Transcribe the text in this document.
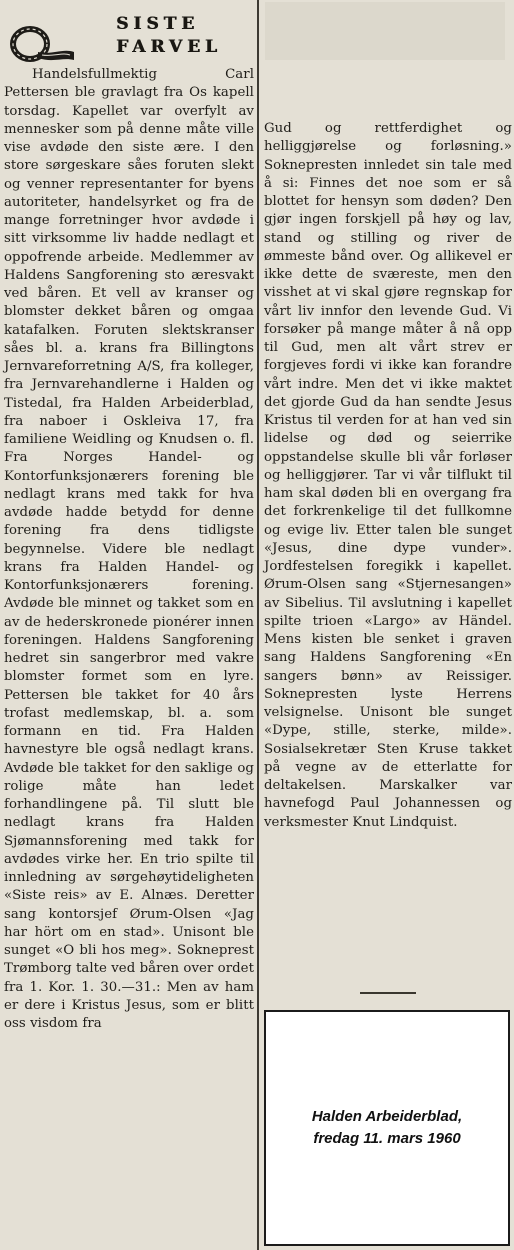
SISTE
FARVEL

Handelsfullmektig Carl Pettersen ble gravlagt fra Os kapell torsdag. Kapellet var overfylt av mennesker som på denne måte ville vise avdøde den siste ære. I den store sørgeskare såes foruten slekt og venner representanter for byens autoriteter, handelsyrket og fra de mange forretninger hvor avdøde i sitt virksomme liv hadde nedlagt et oppofrende arbeide. Medlemmer av Haldens Sangforening sto æresvakt ved båren. Et vell av kranser og blomster dekket båren og omgaa katafalken. Foruten slektskranser såes bl. a. krans fra Billingtons Jernvareforretning A/S, fra kolleger, fra Jernvarehandlerne i Halden og Tistedal, fra Halden Arbeiderblad, fra naboer i Oskleiva 17, fra familiene Weidling og Knudsen o. fl. Fra Norges Handel- og Kontorfunksjonærers forening ble nedlagt krans med takk for hva avdøde hadde betydd for denne forening fra dens tidligste begynnelse. Videre ble nedlagt krans fra Halden Handel- og Kontorfunksjonærers forening. Avdøde ble minnet og takket som en av de hederskronede pionérer innen foreningen. Haldens Sangforening hedret sin sangerbror med vakre blomster formet som en lyre. Pettersen ble takket for 40 års trofast medlemskap, bl. a. som formann en tid. Fra Halden havnestyre ble også nedlagt krans. Avdøde ble takket for den saklige og rolige måte han ledet forhandlingene på. Til slutt ble nedlagt krans fra Halden Sjømannsforening med takk for avdødes virke her. En trio spilte til innledning av sørgehøytideligheten «Siste reis» av E. Alnæs. Deretter sang kontorsjef Ørum-Olsen «Jag har hört om en stad». Unisont ble sunget «O bli hos meg». Sokneprest Trømborg talte ved båren over ordet fra 1. Kor. 1. 30.—31.: Men av ham er dere i Kristus Jesus, som er blitt oss visdom fra

Gud og rettferdighet og helliggjørelse og forløsning.» Soknepresten innledet sin tale med å si: Finnes det noe som er så blottet for hensyn som døden? Den gjør ingen forskjell på høy og lav, stand og stilling og river de ømmeste bånd over. Og allikevel er ikke dette de sværeste, men den visshet at vi skal gjøre regnskap for vårt liv innfor den levende Gud. Vi forsøker på mange måter å nå opp til Gud, men alt vårt strev er forgjeves fordi vi ikke kan forandre vårt indre. Men det vi ikke maktet det gjorde Gud da han sendte Jesus Kristus til verden for at han ved sin lidelse og død og seierrike oppstandelse skulle bli vår forløser og helliggjører. Tar vi vår tilflukt til ham skal døden bli en overgang fra det forkrenkelige til det fullkomne og evige liv. Etter talen ble sunget «Jesus, dine dype vunder». Jordfestelsen foregikk i kapellet. Ørum-Olsen sang «Stjernesangen» av Sibelius. Til avslutning i kapellet spilte trioen «Largo» av Händel. Mens kisten ble senket i graven sang Haldens Sangforening «En sangers bønn» av Reissiger. Soknepresten lyste Herrens velsignelse. Unisont ble sunget «Dype, stille, sterke, milde». Sosialsekretær Sten Kruse takket på vegne av de etterlatte for deltakelsen. Marskalker var havnefogd Paul Johannessen og verksmester Knut Lindquist.

Halden Arbeiderblad,
fredag 11. mars 1960
